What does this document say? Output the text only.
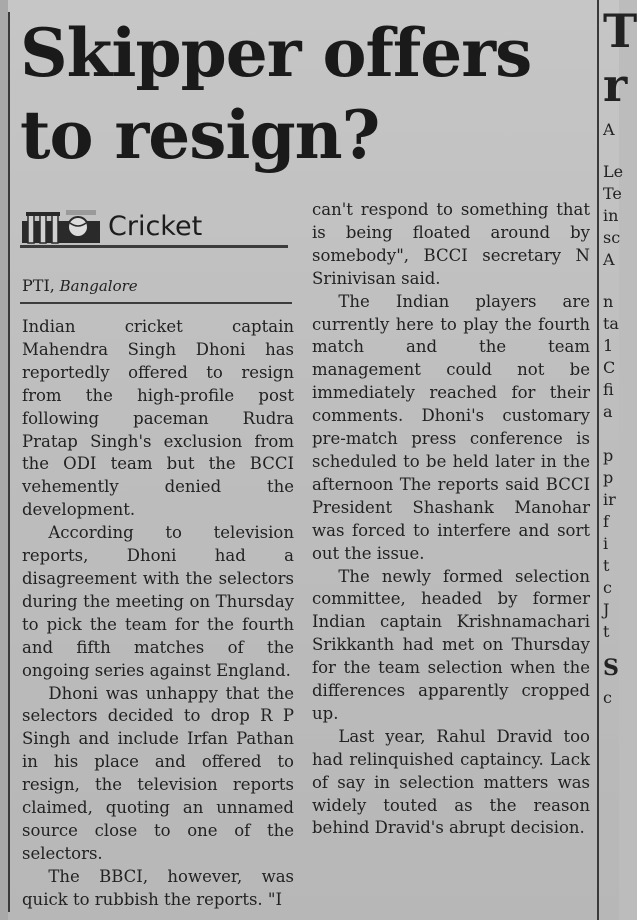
Skipper offers to resign?
Cricket
PTI, Bangalore

Indian cricket captain Mahendra Singh Dhoni has reportedly offered to resign from the high-profile post following paceman Rudra Pratap Singh's exclusion from the ODI team but the BCCI vehemently denied the development.

According to television reports, Dhoni had a disagreement with the selectors during the meeting on Thursday to pick the team for the fourth and fifth matches of the ongoing series against England.

Dhoni was unhappy that the selectors decided to drop R P Singh and include Irfan Pathan in his place and offered to resign, the television reports claimed, quoting an unnamed source close to one of the selectors.

The BBCI, however, was quick to rubbish the reports. "I

can't respond to something that is being floated around by somebody", BCCI secretary N Srinivisan said.

The Indian players are currently here to play the fourth match and the team management could not be immediately reached for their comments. Dhoni's customary pre-match press conference is scheduled to be held later in the afternoon The reports said BCCI President Shashank Manohar was forced to interfere and sort out the issue.

The newly formed selection committee, headed by former Indian captain Krishnamachari Srikkanth had met on Thursday for the team selection when the differences apparently cropped up.

Last year, Rahul Dravid too had relinquished captaincy. Lack of say in selection matters was widely touted as the reason behind Dravid's abrupt decision.

T
r
A
Le
Te
in
sc
A
n
ta
1
C
fi
a
p
p
ir
f
i
t
c
J
t
S
c
